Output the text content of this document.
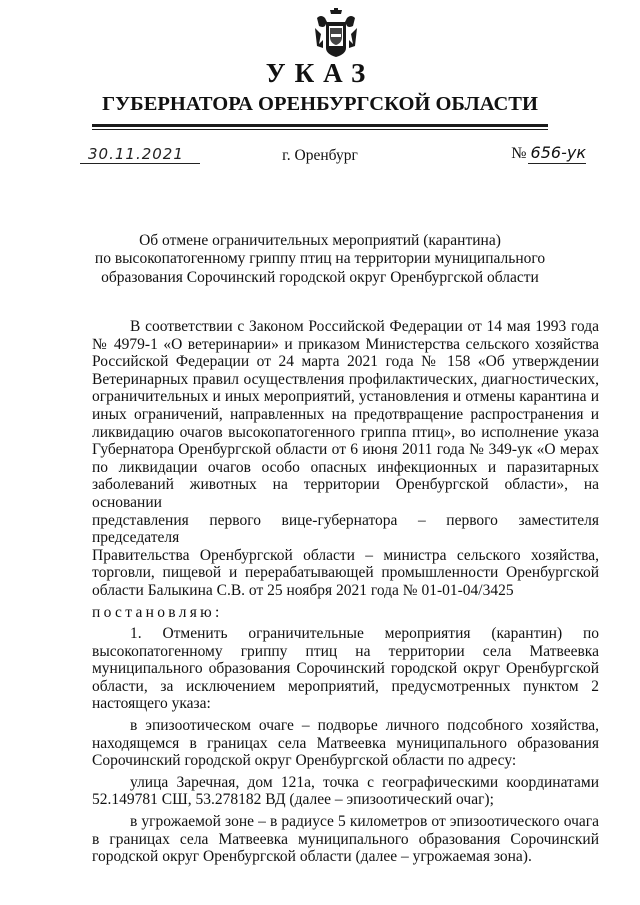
УКАЗ
ГУБЕРНАТОРА ОРЕНБУРГСКОЙ ОБЛАСТИ
30.11.2021	г. Оренбург	№ 656-ук
Об отмене ограничительных мероприятий (карантина)
по высокопатогенному гриппу птиц на территории муниципального
образования Сорочинский городской округ Оренбургской области

В соответствии с Законом Российской Федерации от 14 мая 1993 года

№ 4979-1 «О ветеринарии» и приказом Министерства сельского хозяйства

Российской Федерации от 24 марта 2021 года № 158 «Об утверждении

Ветеринарных правил осуществления профилактических, диагностических,

ограничительных и иных мероприятий, установления и отмены карантина и

иных ограничений, направленных на предотвращение распространения и

ликвидацию очагов высокопатогенного гриппа птиц», во исполнение указа

Губернатора Оренбургской области от 6 июня 2011 года № 349-ук «О мерах

по ликвидации очагов особо опасных инфекционных и паразитарных

заболеваний животных на территории Оренбургской области», на основании

представления первого вице-губернатора – первого заместителя председателя

Правительства Оренбургской области – министра сельского хозяйства,

торговли, пищевой и перерабатывающей промышленности Оренбургской

области Балыкина С.В. от 25 ноября 2021 года № 01-01-04/3425

постановляю:

1. Отменить ограничительные мероприятия (карантин) по

высокопатогенному гриппу птиц на территории села Матвеевка

муниципального образования Сорочинский городской округ Оренбургской

области, за исключением мероприятий, предусмотренных пунктом 2

настоящего указа:

в эпизоотическом очаге – подворье личного подсобного хозяйства,

находящемся в границах села Матвеевка муниципального образования

Сорочинский городской округ Оренбургской области по адресу:

улица Заречная, дом 121а, точка с географическими координатами

52.149781 СШ, 53.278182 ВД (далее – эпизоотический очаг);

в угрожаемой зоне – в радиусе 5 километров от эпизоотического очага

в границах села Матвеевка муниципального образования Сорочинский

городской округ Оренбургской области (далее – угрожаемая зона).
